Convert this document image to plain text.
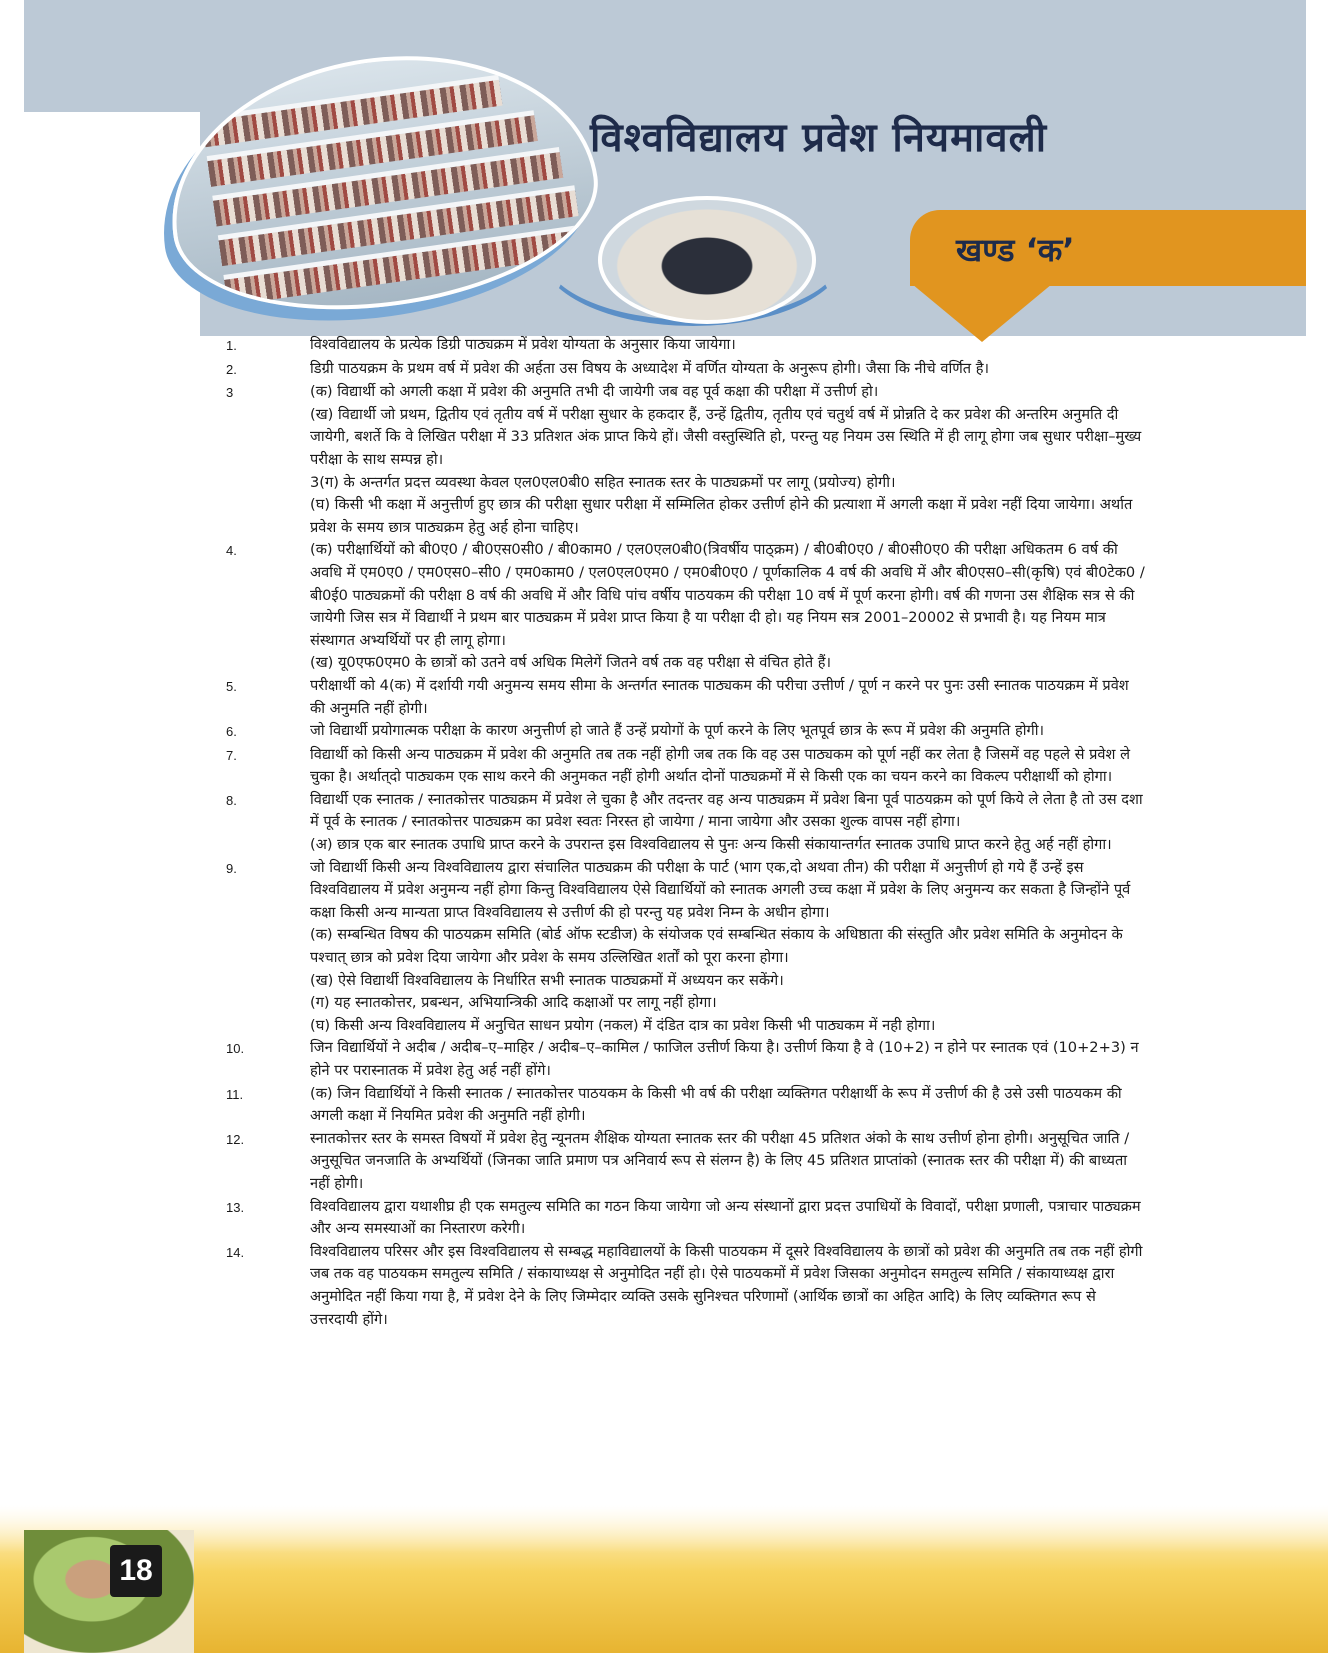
विश्वविद्यालय प्रवेश नियमावली
खण्ड ‘क’
1.	विश्वविद्यालय के प्रत्येक डिग्री पाठ्यक्रम में प्रवेश योग्यता के अनुसार किया जायेगा।

2.	डिग्री पाठयक्रम के प्रथम वर्ष में प्रवेश की अर्हता उस विषय के अध्यादेश में वर्णित योग्यता के अनुरूप होगी। जैसा कि नीचे वर्णित है।

3	(क) विद्यार्थी को अगली कक्षा में प्रवेश की अनुमति तभी दी जायेगी जब वह पूर्व कक्षा की परीक्षा में उत्तीर्ण हो।

(ख) विद्यार्थी जो प्रथम, द्वितीय एवं तृतीय वर्ष में परीक्षा सुधार के हकदार हैं, उन्हें द्वितीय, तृतीय एवं चतुर्थ वर्ष में प्रोन्नति दे कर प्रवेश की अन्तरिम अनुमति दी जायेगी, बशर्ते कि वे लिखित परीक्षा में 33 प्रतिशत अंक प्राप्त किये हों। जैसी वस्तुस्थिति हो, परन्तु यह नियम उस स्थिति में ही लागू होगा जब सुधार परीक्षा–मुख्य परीक्षा के साथ सम्पन्न हो।

3(ग) के अन्तर्गत प्रदत्त व्यवस्था केवल एल0एल0बी0 सहित स्नातक स्तर के पाठ्यक्रमों पर लागू (प्रयोज्य) होगी।

(घ) किसी भी कक्षा में अनुत्तीर्ण हुए छात्र की परीक्षा सुधार परीक्षा में सम्मिलित होकर उत्तीर्ण होने की प्रत्याशा में अगली कक्षा में प्रवेश नहीं दिया जायेगा। अर्थात प्रवेश के समय छात्र पाठ्यक्रम हेतु अर्ह होना चाहिए।

4.	(क) परीक्षार्थियों को बी0ए0 / बी0एस0सी0 / बी0काम0 / एल0एल0बी0(त्रिवर्षीय पाठ्क्रम) / बी0बी0ए0 / बी0सी0ए0 की परीक्षा अधिकतम 6 वर्ष की अवधि में एम0ए0 / एम0एस0–सी0 / एम0काम0 / एल0एल0एम0 / एम0बी0ए0 / पूर्णकालिक 4 वर्ष की अवधि में और बी0एस0–सी(कृषि) एवं बी0टेक0 / बी0ई0 पाठ्यक्रमों की परीक्षा 8 वर्ष की अवधि में और विधि पांच वर्षीय पाठयकम की परीक्षा 10 वर्ष में पूर्ण करना होगी। वर्ष की गणना उस शैक्षिक सत्र से की जायेगी जिस सत्र में विद्यार्थी ने प्रथम बार पाठ्यक्रम में प्रवेश प्राप्त किया है या परीक्षा दी हो। यह नियम सत्र 2001–20002 से प्रभावी है। यह नियम मात्र संस्थागत अभ्यर्थियों पर ही लागू होगा।

(ख) यू0एफ0एम0 के छात्रों को उतने वर्ष अधिक मिलेगें जितने वर्ष तक वह परीक्षा से वंचित होते हैं।

5.	परीक्षार्थी को 4(क) में दर्शायी गयी अनुमन्य समय सीमा के अन्तर्गत स्नातक पाठ्यकम की परीचा उत्तीर्ण / पूर्ण न करने पर पुनः उसी स्नातक पाठयक्रम में प्रवेश की अनुमति नहीं होगी।

6.	जो विद्यार्थी प्रयोगात्मक परीक्षा के कारण अनुत्तीर्ण हो जाते हैं उन्हें प्रयोगों के पूर्ण करने के लिए भूतपूर्व छात्र के रूप में प्रवेश की अनुमति होगी।

7.	विद्यार्थी को किसी अन्य पाठ्यक्रम में प्रवेश की अनुमति तब तक नहीं होगी जब तक कि वह उस पाठ्यकम को पूर्ण नहीं कर लेता है जिसमें वह पहले से प्रवेश ले चुका है। अर्थात्‌दो पाठ्यकम एक साथ करने की अनुमकत नहीं होगी अर्थात दोनों पाठ्यक्रमों में से किसी एक का चयन करने का विकल्प परीक्षार्थी को होगा।

8.	विद्यार्थी एक स्नातक / स्नातकोत्तर पाठ्यक्रम में प्रवेश ले चुका है और तदन्तर वह अन्य पाठ्यक्रम में प्रवेश बिना पूर्व पाठयक्रम को पूर्ण किये ले लेता है तो उस दशा में पूर्व के स्नातक / स्नातकोत्तर पाठ्यक्रम का प्रवेश स्वतः निरस्त हो जायेगा / माना जायेगा और उसका शुल्क वापस नहीं होगा।

(अ) छात्र एक बार स्नातक उपाधि प्राप्त करने के उपरान्त इस विश्वविद्यालय से पुनः अन्य किसी संकायान्तर्गत स्नातक उपाधि प्राप्त करने हेतु अर्ह नहीं होगा।

9.	जो विद्यार्थी किसी अन्य विश्वविद्यालय द्वारा संचालित पाठ्यक्रम की परीक्षा के पार्ट (भाग एक,दो अथवा तीन) की परीक्षा में अनुत्तीर्ण हो गये हैं उन्हें इस विश्वविद्यालय में प्रवेश अनुमन्य नहीं होगा किन्तु विश्वविद्यालय ऐसे विद्यार्थियों को स्नातक अगली उच्च कक्षा में प्रवेश के लिए अनुमन्य कर सकता है जिन्होंने पूर्व कक्षा किसी अन्य मान्यता प्राप्त विश्वविद्यालय से उत्तीर्ण की हो परन्तु यह प्रवेश निम्न के अधीन होगा।

(क) सम्बन्धित विषय की पाठयक्रम समिति (बोर्ड ऑफ स्टडीज) के संयोजक एवं सम्बन्धित संकाय के अधिष्ठाता की संस्तुति और प्रवेश समिति के अनुमोदन के पश्चात्‌ छात्र को प्रवेश दिया जायेगा और प्रवेश के समय उल्लिखित शर्तों को पूरा करना होगा।

(ख) ऐसे विद्यार्थी विश्वविद्यालय के निर्धारित सभी स्नातक पाठ्यक्रमों में अध्ययन कर सकेंगे।

(ग) यह स्नातकोत्तर, प्रबन्धन, अभियान्त्रिकी आदि कक्षाओं पर लागू नहीं होगा।

(घ) किसी अन्य विश्वविद्यालय में अनुचित साधन प्रयोग (नकल) में दंडित दात्र का प्रवेश किसी भी पाठ्यकम में नही होगा।

10.	जिन विद्यार्थियों ने अदीब / अदीब–ए–माहिर / अदीब–ए–कामिल / फाजिल उत्तीर्ण किया है। उत्तीर्ण किया है वे (10+2) न होने पर स्नातक एवं (10+2+3) न होने पर परास्नातक में प्रवेश हेतु अर्ह नहीं होंगे।

11.	(क) जिन विद्यार्थियों ने किसी स्नातक / स्नातकोत्तर पाठयकम के किसी भी वर्ष की परीक्षा व्यक्तिगत परीक्षार्थी के रूप में उत्तीर्ण की है उसे उसी पाठयकम की अगली कक्षा में नियमित प्रवेश की अनुमति नहीं होगी।

12.	स्नातकोत्तर स्तर के समस्त विषयों में प्रवेश हेतु न्यूनतम शैक्षिक योग्यता स्नातक स्तर की परीक्षा 45 प्रतिशत अंको के साथ उत्तीर्ण होना होगी। अनुसूचित जाति / अनुसूचित जनजाति के अभ्यर्थियों (जिनका जाति प्रमाण पत्र अनिवार्य रूप से संलग्न है) के लिए 45 प्रतिशत प्राप्तांको (स्नातक स्तर की परीक्षा में) की बाध्यता नहीं होगी।

13.	विश्वविद्यालय द्वारा यथाशीघ्र ही एक समतुल्य समिति का गठन किया जायेगा जो अन्य संस्थानों द्वारा प्रदत्त उपाधियों के विवादों, परीक्षा प्रणाली, पत्राचार पाठ्यक्रम और अन्य समस्याओं का निस्तारण करेगी।

14.	विश्वविद्यालय परिसर और इस विश्वविद्यालय से सम्बद्ध महाविद्यालयों के किसी पाठयकम में दूसरे विश्वविद्यालय के छात्रों को प्रवेश की अनुमति तब तक नहीं होगी जब तक वह पाठयकम समतुल्य समिति / संकायाध्यक्ष से अनुमोदित नहीं हो। ऐसे पाठयकमों में प्रवेश जिसका अनुमोदन समतुल्य समिति / संकायाध्यक्ष द्वारा अनुमोदित नहीं किया गया है, में प्रवेश देने के लिए जिम्मेदार व्यक्ति उसके सुनिश्चत परिणामों (आर्थिक छात्रों का अहित आदि) के लिए व्यक्तिगत रूप से उत्तरदायी होंगे।

18
